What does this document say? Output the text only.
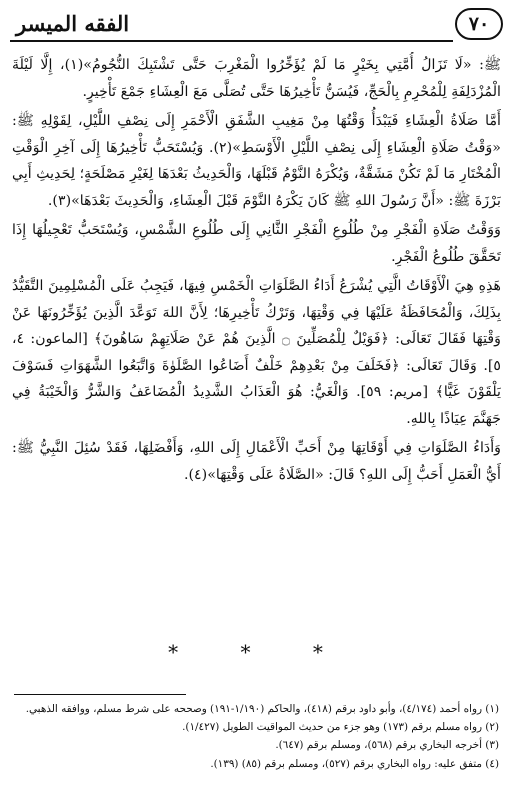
٧٠
الفقه الميسر

ﷺ: «لَا تَزَالُ أُمَّتِي بِخَيْرٍ مَا لَمْ يُؤَخِّرُوا الْمَغْرِبَ حَتَّى تَشْتَبِكَ النُّجُومُ»(١)، إِلَّا لَيْلَةَ الْمُزْدَلِفَةِ لِلْمُحْرِمِ بِالْحَجِّ، فَيُسَنُّ تَأْخِيرُهَا حَتَّى تُصَلَّى مَعَ الْعِشَاءِ جَمْعَ تَأْخِيرٍ.

أَمَّا صَلَاةُ الْعِشَاءِ فَيَبْدَأُ وَقْتُهَا مِنْ مَغِيبِ الشَّفَقِ الْأَحْمَرِ إِلَى نِصْفِ اللَّيْلِ، لِقَوْلِهِ ﷺ: «وَقْتُ صَلَاةِ الْعِشَاءِ إِلَى نِصْفِ اللَّيْلِ الْأَوْسَطِ»(٢). وَيُسْتَحَبُّ تَأْخِيرُهَا إِلَى آخِرِ الْوَقْتِ الْمُخْتَارِ مَا لَمْ تَكُنْ مَشَقَّةٌ، وَيُكْرَهُ النَّوْمُ قَبْلَهَا، وَالْحَدِيثُ بَعْدَهَا لِغَيْرِ مَصْلَحَةٍ؛ لِحَدِيثِ أَبِي بَرْزَةَ ﷺ: «أَنَّ رَسُولَ اللهِ ﷺ كَانَ يَكْرَهُ النَّوْمَ قَبْلَ الْعِشَاءِ، وَالْحَدِيثَ بَعْدَهَا»(٣).

وَوَقْتُ صَلَاةِ الْفَجْرِ مِنْ طُلُوعِ الْفَجْرِ الثَّانِي إِلَى طُلُوعِ الشَّمْسِ، وَيُسْتَحَبُّ تَعْجِيلُهَا إِذَا تَحَقَّقَ طُلُوعُ الْفَجْرِ.

هَذِهِ هِيَ الْأَوْقَاتُ الَّتِي يُشْرَعُ أَدَاءُ الصَّلَوَاتِ الْخَمْسِ فِيهَا، فَيَجِبُ عَلَى الْمُسْلِمِينَ التَّقَيُّدُ بِذَلِكَ، وَالْمُحَافَظَةُ عَلَيْهَا فِي وَقْتِهَا، وَتَرْكُ تَأْخِيرِهَا؛ لِأَنَّ اللهَ تَوَعَّدَ الَّذِينَ يُؤَخِّرُونَهَا عَنْ وَقْتِهَا فَقَالَ تَعَالَى: ﴿فَوَيْلٌ لِلْمُصَلِّينَ ۝ الَّذِينَ هُمْ عَنْ صَلَاتِهِمْ سَاهُونَ﴾ [الماعون: ٤، ٥]. وَقَالَ تَعَالَى: ﴿فَخَلَفَ مِنْ بَعْدِهِمْ خَلْفٌ أَضَاعُوا الصَّلَوٰةَ وَاتَّبَعُوا الشَّهَوَاتِ فَسَوْفَ يَلْقَوْنَ غَيًّا﴾ [مريم: ٥٩]. وَالْغَيُّ: هُوَ الْعَذَابُ الشَّدِيدُ الْمُضَاعَفُ وَالشَّرُّ وَالْخَيْبَةُ فِي جَهَنَّمَ عِيَاذًا بِاللهِ.

وَأَدَاءُ الصَّلَوَاتِ فِي أَوْقَاتِهَا مِنْ أَحَبِّ الْأَعْمَالِ إِلَى اللهِ، وَأَفْضَلِهَا، فَقَدْ سُئِلَ النَّبِيُّ ﷺ: أَيُّ الْعَمَلِ أَحَبُّ إِلَى اللهِ؟ قَالَ: «الصَّلَاةُ عَلَى وَقْتِهَا»(٤).

* * *
(١) رواه أحمد (٤/١٧٤)، وأبو داود برقم (٤١٨)، والحاكم (١/١٩٠-١٩١) وصححه على شرط مسلم، ووافقه الذهبي.
(٢) رواه مسلم برقم (١٧٣) وهو جزء من حديث المواقيت الطويل (١/٤٢٧).
(٣) أخرجه البخاري برقم (٥٦٨)، ومسلم برقم (٦٤٧).
(٤) متفق عليه: رواه البخاري برقم (٥٢٧)، ومسلم برقم (٨٥) (١٣٩).
